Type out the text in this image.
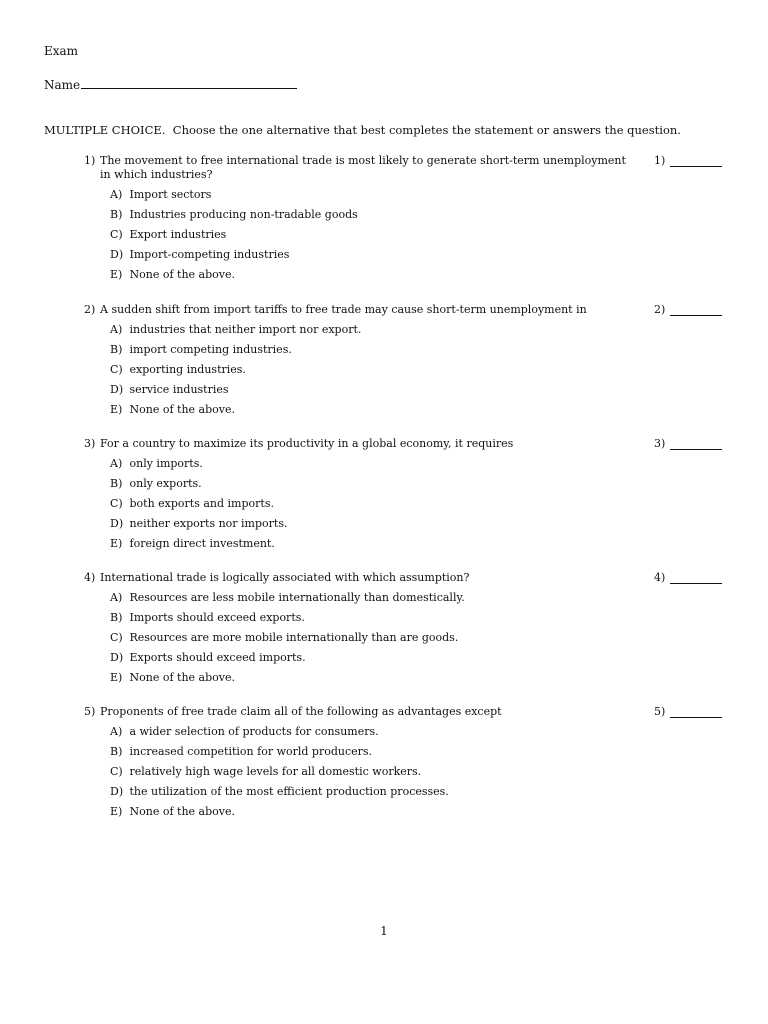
Exam
Name
MULTIPLE CHOICE. Choose the one alternative that best completes the statement or answers the question.
1) The movement to free international trade is most likely to generate short-term unemployment in which industries?
1)
A) Import sectors
B) Industries producing non-tradable goods
C) Export industries
D) Import-competing industries
E) None of the above.
2) A sudden shift from import tariffs to free trade may cause short-term unemployment in	2)
A) industries that neither import nor export.
B) import competing industries.
C) exporting industries.
D) service industries
E) None of the above.
3) For a country to maximize its productivity in a global economy, it requires	3)
A) only imports.
B) only exports.
C) both exports and imports.
D) neither exports nor imports.
E) foreign direct investment.
4) International trade is logically associated with which assumption?	4)
A) Resources are less mobile internationally than domestically.
B) Imports should exceed exports.
C) Resources are more mobile internationally than are goods.
D) Exports should exceed imports.
E) None of the above.
5) Proponents of free trade claim all of the following as advantages except	5)
A) a wider selection of products for consumers.
B) increased competition for world producers.
C) relatively high wage levels for all domestic workers.
D) the utilization of the most efficient production processes.
E) None of the above.
1
